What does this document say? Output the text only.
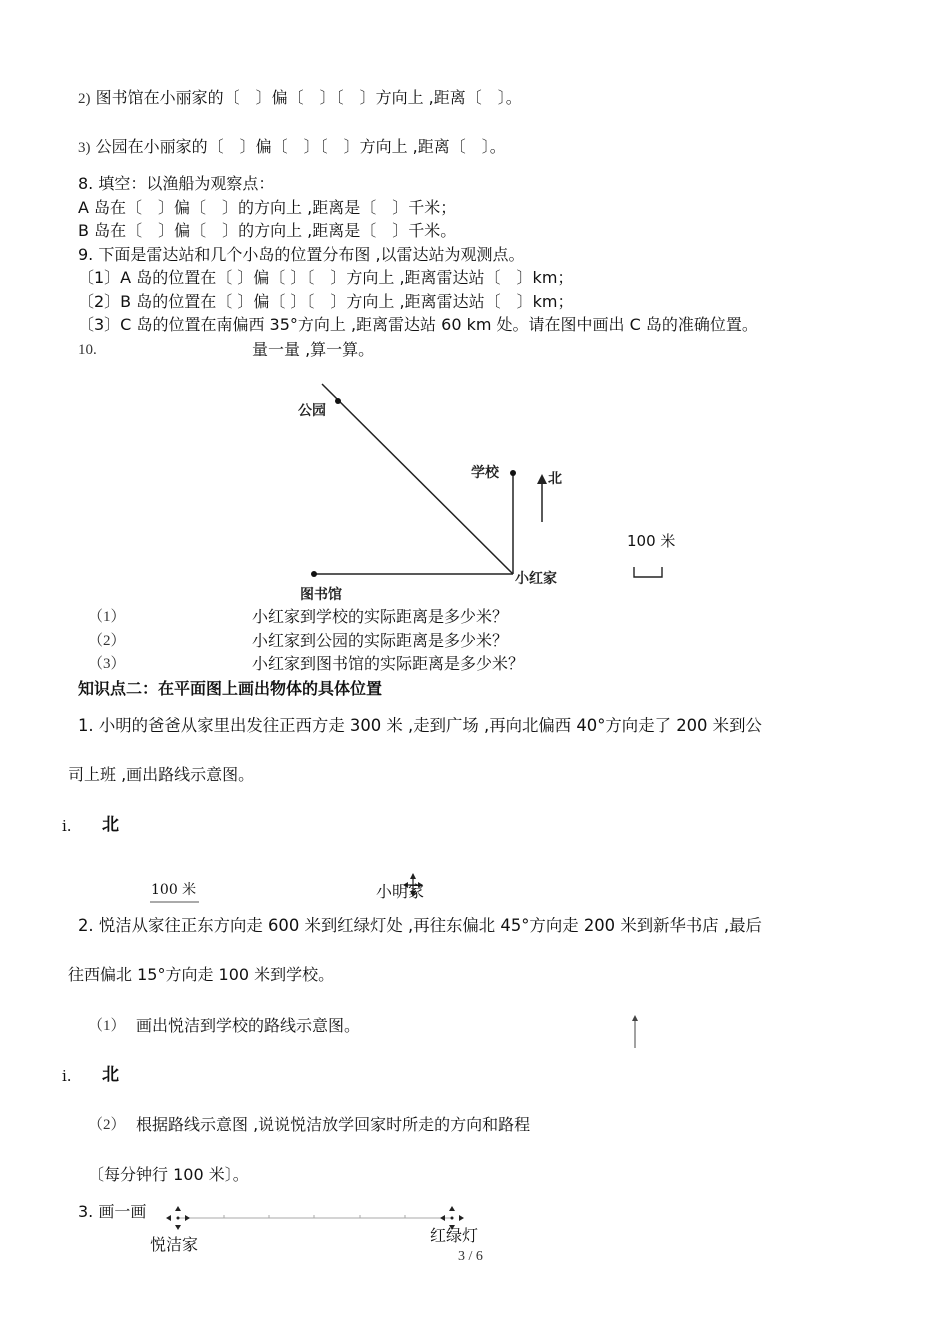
2) 图书馆在小丽家的〔　〕偏〔　〕〔　〕方向上 ,距离〔　〕。
3) 公园在小丽家的〔　〕偏〔　〕〔　〕方向上 ,距离〔　〕。
8. 填空：以渔船为观察点：
A 岛在〔　〕偏〔　〕的方向上 ,距离是〔　〕千米；
B 岛在〔　〕偏〔　〕的方向上 ,距离是〔　〕千米。
9. 下面是雷达站和几个小岛的位置分布图 ,以雷达站为观测点。
〔1〕A 岛的位置在〔 〕偏〔 〕〔　〕方向上 ,距离雷达站〔　〕km；
〔2〕B 岛的位置在〔 〕偏〔 〕〔　〕方向上 ,距离雷达站〔　〕km；
〔3〕C 岛的位置在南偏西 35°方向上 ,距离雷达站 60 km 处。请在图中画出 C 岛的准确位置。
10.	量一量 ,算一算。
公园
学校	北
小红家
图书馆
100 米
（1）	小红家到学校的实际距离是多少米？
（2）	小红家到公园的实际距离是多少米？
（3）	小红家到图书馆的实际距离是多少米？
知识点二：在平面图上画出物体的具体位置
1. 小明的爸爸从家里出发往正西方走 300 米 ,走到广场 ,再向北偏西 40°方向走了 200 米到公
司上班 ,画出路线示意图。
i. 北
100 米	小明家
2. 悦洁从家往正东方向走 600 米到红绿灯处 ,再往东偏北 45°方向走 200 米到新华书店 ,最后
往西偏北 15°方向走 100 米到学校。
（1） 画出悦洁到学校的路线示意图。
i. 北
（2） 根据路线示意图 ,说说悦洁放学回家时所走的方向和路程
〔每分钟行 100 米〕。
3. 画一画
悦洁家	红绿灯
3 / 6
